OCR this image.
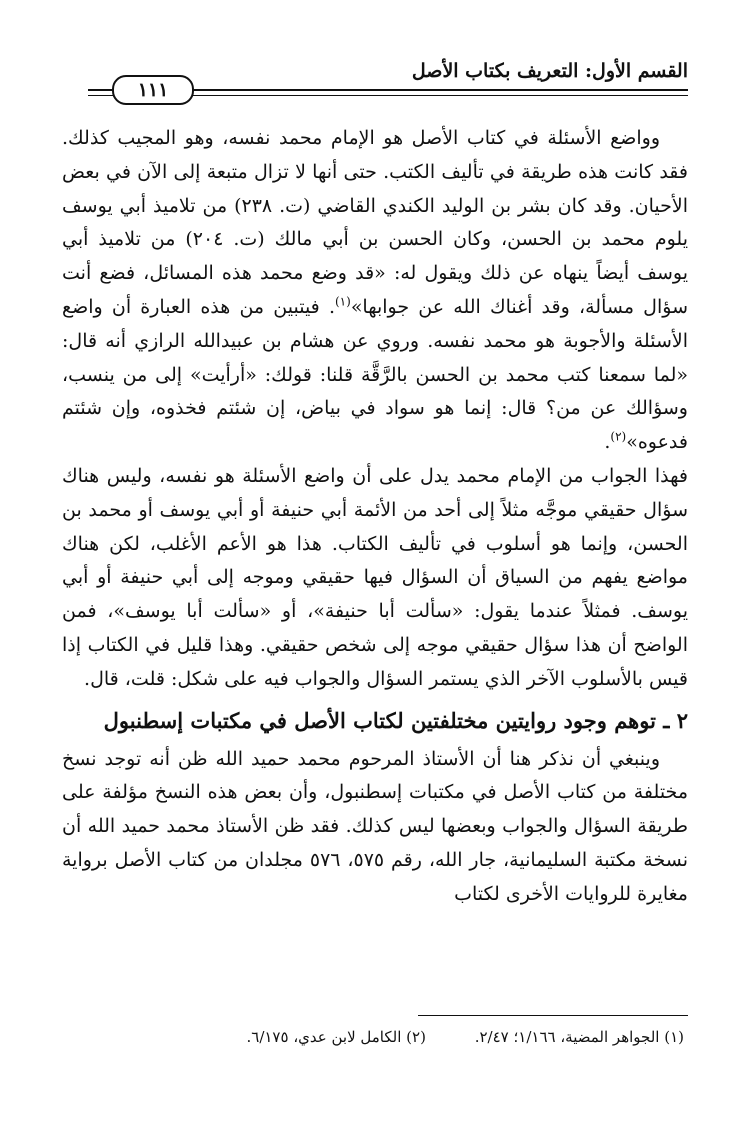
القسم الأول: التعريف بكتاب الأصل
١١١

وواضع الأسئلة في كتاب الأصل هو الإمام محمد نفسه، وهو المجيب كذلك. فقد كانت هذه طريقة في تأليف الكتب. حتى أنها لا تزال متبعة إلى الآن في بعض الأحيان. وقد كان بشر بن الوليد الكندي القاضي (ت. ٢٣٨) من تلاميذ أبي يوسف يلوم محمد بن الحسن، وكان الحسن بن أبي مالك (ت. ٢٠٤) من تلاميذ أبي يوسف أيضاً ينهاه عن ذلك ويقول له: «قد وضع محمد هذه المسائل، فضع أنت سؤال مسألة، وقد أغناك الله عن جوابها»$^{(١)}$. فيتبين من هذه العبارة أن واضع الأسئلة والأجوبة هو محمد نفسه. وروي عن هشام بن عبيدالله الرازي أنه قال: «لما سمعنا كتب محمد بن الحسن بالرَّقَّة قلنا: قولك: «أرأيت» إلى من ينسب، وسؤالك عن من؟ قال: إنما هو سواد في بياض، إن شئتم فخذوه، وإن شئتم فدعوه»$^{(٢)}$.

فهذا الجواب من الإمام محمد يدل على أن واضع الأسئلة هو نفسه، وليس هناك سؤال حقيقي موجَّه مثلاً إلى أحد من الأئمة أبي حنيفة أو أبي يوسف أو محمد بن الحسن، وإنما هو أسلوب في تأليف الكتاب. هذا هو الأعم الأغلب، لكن هناك مواضع يفهم من السياق أن السؤال فيها حقيقي وموجه إلى أبي حنيفة أو أبي يوسف. فمثلاً عندما يقول: «سألت أبا حنيفة»، أو «سألت أبا يوسف»، فمن الواضح أن هذا سؤال حقيقي موجه إلى شخص حقيقي. وهذا قليل في الكتاب إذا قيس بالأسلوب الآخر الذي يستمر السؤال والجواب فيه على شكل: قلت، قال.

٢ ـ توهم وجود روايتين مختلفتين لكتاب الأصل في مكتبات إسطنبول

وينبغي أن نذكر هنا أن الأستاذ المرحوم محمد حميد الله ظن أنه توجد نسخ مختلفة من كتاب الأصل في مكتبات إسطنبول، وأن بعض هذه النسخ مؤلفة على طريقة السؤال والجواب وبعضها ليس كذلك. فقد ظن الأستاذ محمد حميد الله أن نسخة مكتبة السليمانية، جار الله، رقم ٥٧٥، ٥٧٦ مجلدان من كتاب الأصل برواية مغايرة للروايات الأخرى لكتاب

(١) الجواهر المضية، ١/١٦٦؛ ٢/٤٧. (٢) الكامل لابن عدي، ٦/١٧٥.
